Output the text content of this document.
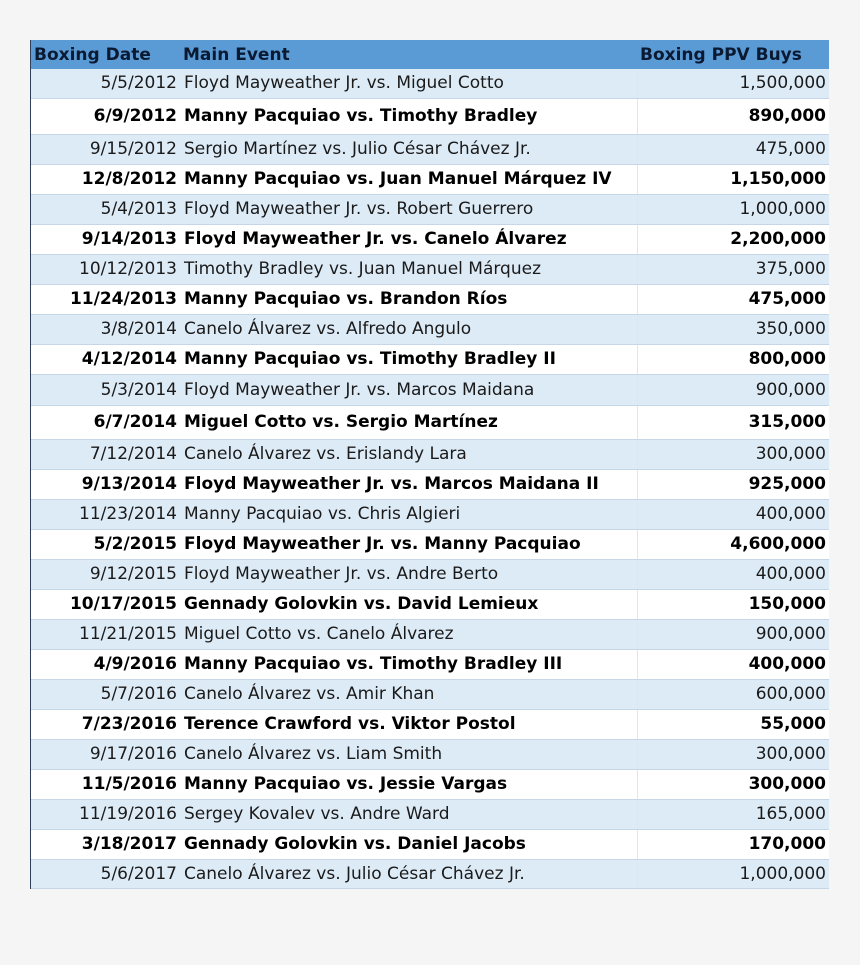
Boxing Date	Main Event	Boxing PPV Buys
5/5/2012	Floyd Mayweather Jr. vs. Miguel Cotto	1,500,000
6/9/2012	Manny Pacquiao vs. Timothy Bradley	890,000
9/15/2012	Sergio Martínez vs. Julio César Chávez Jr.	475,000
12/8/2012	Manny Pacquiao vs. Juan Manuel Márquez IV	1,150,000
5/4/2013	Floyd Mayweather Jr. vs. Robert Guerrero	1,000,000
9/14/2013	Floyd Mayweather Jr. vs. Canelo Álvarez	2,200,000
10/12/2013	Timothy Bradley vs. Juan Manuel Márquez	375,000
11/24/2013	Manny Pacquiao vs. Brandon Ríos	475,000
3/8/2014	Canelo Álvarez vs. Alfredo Angulo	350,000
4/12/2014	Manny Pacquiao vs. Timothy Bradley II	800,000
5/3/2014	Floyd Mayweather Jr. vs. Marcos Maidana	900,000
6/7/2014	Miguel Cotto vs. Sergio Martínez	315,000
7/12/2014	Canelo Álvarez vs. Erislandy Lara	300,000
9/13/2014	Floyd Mayweather Jr. vs. Marcos Maidana II	925,000
11/23/2014	Manny Pacquiao vs. Chris Algieri	400,000
5/2/2015	Floyd Mayweather Jr. vs. Manny Pacquiao	4,600,000
9/12/2015	Floyd Mayweather Jr. vs. Andre Berto	400,000
10/17/2015	Gennady Golovkin vs. David Lemieux	150,000
11/21/2015	Miguel Cotto vs. Canelo Álvarez	900,000
4/9/2016	Manny Pacquiao vs. Timothy Bradley III	400,000
5/7/2016	Canelo Álvarez vs. Amir Khan	600,000
7/23/2016	Terence Crawford vs. Viktor Postol	55,000
9/17/2016	Canelo Álvarez vs. Liam Smith	300,000
11/5/2016	Manny Pacquiao vs. Jessie Vargas	300,000
11/19/2016	Sergey Kovalev vs. Andre Ward	165,000
3/18/2017	Gennady Golovkin vs. Daniel Jacobs	170,000
5/6/2017	Canelo Álvarez vs. Julio César Chávez Jr.	1,000,000
